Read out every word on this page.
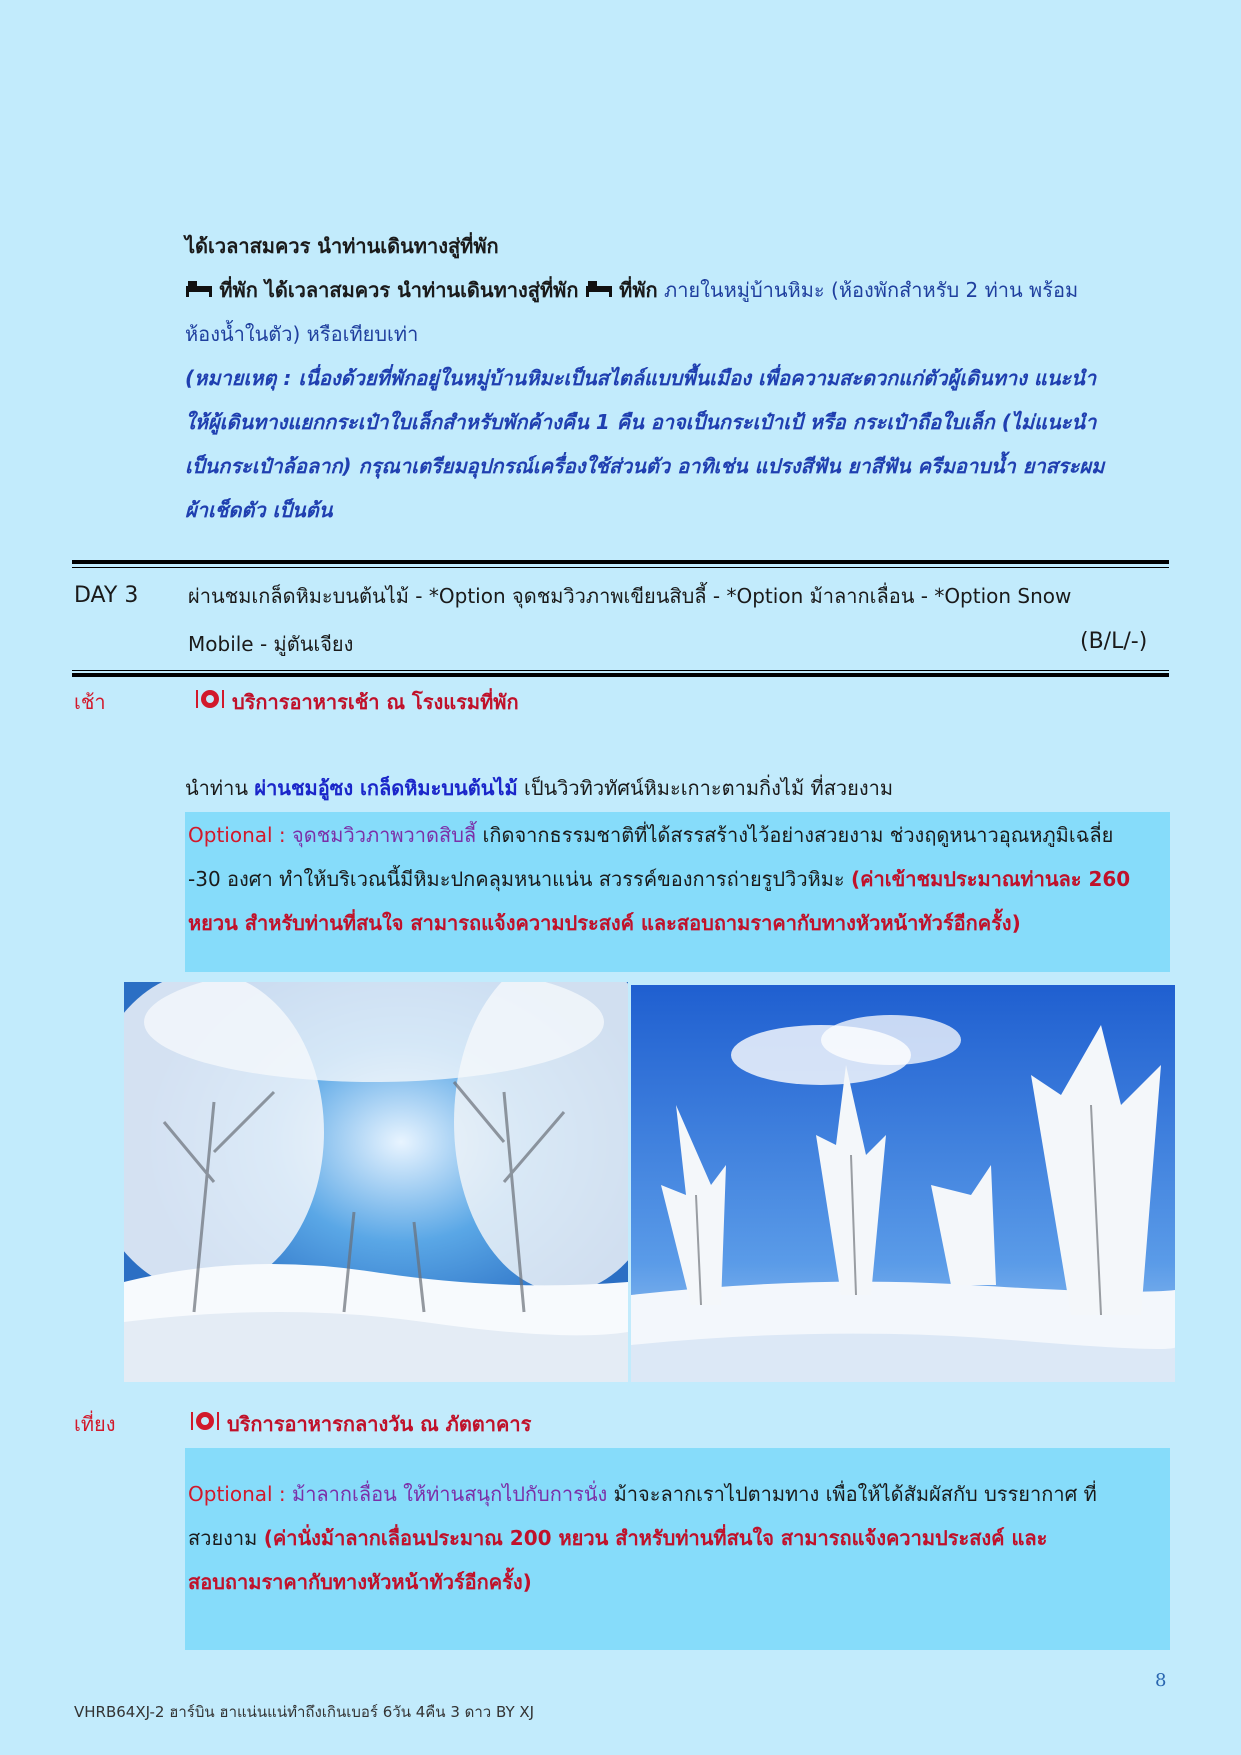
ได้เวลาสมควร นำท่านเดินทางสู่ที่พัก

ที่พัก ได้เวลาสมควร นำท่านเดินทางสู่ที่พัก ที่พัก ภายในหมู่บ้านหิมะ (ห้องพักสำหรับ 2 ท่าน พร้อม

ห้องน้ำในตัว) หรือเทียบเท่า

(หมายเหตุ : เนื่องด้วยที่พักอยู่ในหมู่บ้านหิมะเป็นสไตล์แบบพื้นเมือง เพื่อความสะดวกแก่ตัวผู้เดินทาง แนะนำ

ให้ผู้เดินทางแยกกระเป๋าใบเล็กสำหรับพักค้างคืน 1 คืน อาจเป็นกระเป๋าเป้ หรือ กระเป๋าถือใบเล็ก (ไม่แนะนำ

เป็นกระเป๋าล้อลาก) กรุณาเตรียมอุปกรณ์เครื่องใช้ส่วนตัว อาทิเช่น แปรงสีฟัน ยาสีฟัน ครีมอาบน้ำ ยาสระผม

ผ้าเช็ดตัว เป็นต้น

DAY 3 ผ่านชมเกล็ดหิมะบนต้นไม้ - *Option จุดชมวิวภาพเขียนสิบลี้ - *Option ม้าลากเลื่อน - *Option Snow

Mobile - มู่ตันเจียง	(B/L/-)

เช้า	บริการอาหารเช้า ณ โรงแรมที่พัก

นำท่าน ผ่านชมอู้ซง เกล็ดหิมะบนต้นไม้ เป็นวิวทิวทัศน์หิมะเกาะตามกิ่งไม้ ที่สวยงาม

Optional : จุดชมวิวภาพวาดสิบลี้ เกิดจากธรรมชาติที่ได้สรรสร้างไว้อย่างสวยงาม ช่วงฤดูหนาวอุณหภูมิเฉลี่ย

-30 องศา ทำให้บริเวณนี้มีหิมะปกคลุมหนาแน่น สวรรค์ของการถ่ายรูปวิวหิมะ (ค่าเข้าชมประมาณท่านละ 260

หยวน สำหรับท่านที่สนใจ สามารถแจ้งความประสงค์ และสอบถามราคากับทางหัวหน้าทัวร์อีกครั้ง)

เที่ยง	บริการอาหารกลางวัน ณ ภัตตาคาร

Optional : ม้าลากเลื่อน ให้ท่านสนุกไปกับการนั่ง ม้าจะลากเราไปตามทาง เพื่อให้ได้สัมผัสกับ บรรยากาศ ที่

สวยงาม (ค่านั่งม้าลากเลื่อนประมาณ 200 หยวน สำหรับท่านที่สนใจ สามารถแจ้งความประสงค์ และ

สอบถามราคากับทางหัวหน้าทัวร์อีกครั้ง)

8

VHRB64XJ-2 ฮาร์บิน ฮาแน่นแน่ทำถึงเกินเบอร์ 6วัน 4คืน 3 ดาว BY XJ
